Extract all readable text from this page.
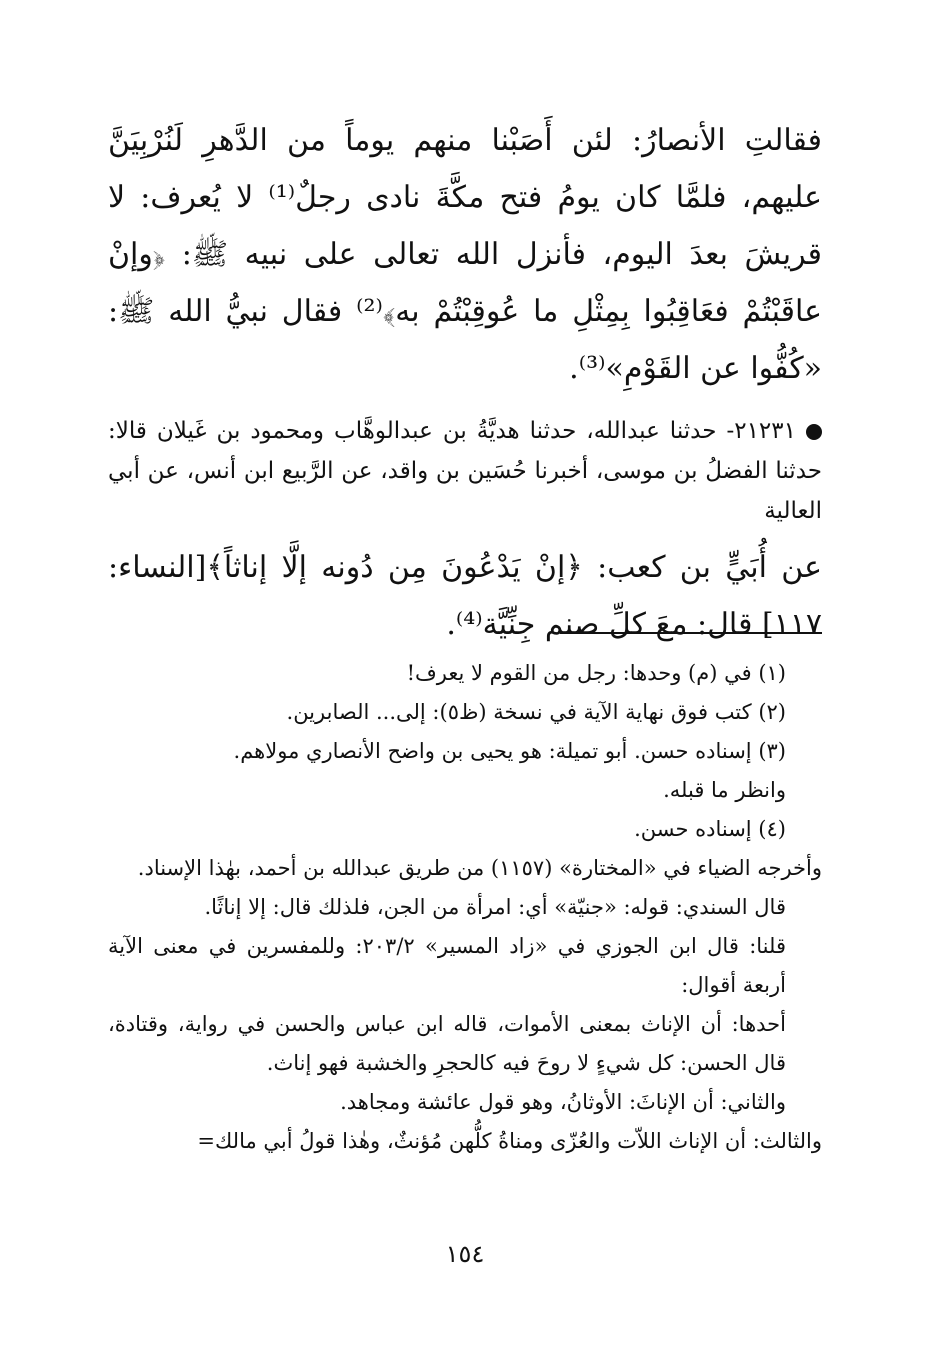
فقالتِ الأنصارُ: لئن أَصَبْنا منهم يوماً من الدَّهرِ لَنُرْبِيَنَّ عليهم، فلمَّا كان يومُ فتح مكَّةَ نادى رجلٌ⁽¹⁾ لا يُعرف: لا قريشَ بعدَ اليوم، فأنزل الله تعالى على نبيه ﷺ: ﴿وإنْ عاقَبْتُمْ فعَاقِبُوا بِمِثْلِ ما عُوقِبْتُمْ به﴾⁽²⁾ فقال نبيُّ الله ﷺ: «كُفُّوا عن القَوْمِ»⁽³⁾.

٢١٢٣١- حدثنا عبدالله، حدثنا هديَّةُ بن عبدالوهَّاب ومحمود بن غَيلان قالا: حدثنا الفضلُ بن موسى، أخبرنا حُسَين بن واقد، عن الرَّبيع ابن أنس، عن أبي العالية

عن أُبَيٍّ بن كعب: ﴿إنْ يَدْعُونَ مِن دُونه إلَّا إناثاً﴾[النساء: ١١٧] قال: معَ كلِّ صنم جِنِّيَّة⁽⁴⁾.

(١) في (م) وحدها: رجل من القوم لا يعرف!

(٢) كتب فوق نهاية الآية في نسخة (ظ٥): إلى... الصابرين.

(٣) إسناده حسن. أبو تميلة: هو يحيى بن واضح الأنصاري مولاهم.

وانظر ما قبله.

(٤) إسناده حسن.

وأخرجه الضياء في «المختارة» (١١٥٧) من طريق عبدالله بن أحمد، بهٰذا الإسناد.

قال السندي: قوله: «جنيّة» أي: امرأة من الجن، فلذلك قال: إلا إناثًا.

قلنا: قال ابن الجوزي في «زاد المسير» ٢٠٣/٢: وللمفسرين في معنى الآية أربعة أقوال:

أحدها: أن الإناث بمعنى الأموات، قاله ابن عباس والحسن في رواية، وقتادة، قال الحسن: كل شيءٍ لا روحَ فيه كالحجرِ والخشبة فهو إناث.

والثاني: أن الإناثَ: الأوثانُ، وهو قول عائشة ومجاهد.

والثالث: أن الإناث اللاّت والعُزّى ومناةُ كلُّهن مُؤنثٌ، وهٰذا قولُ أبي مالك=

١٥٤
